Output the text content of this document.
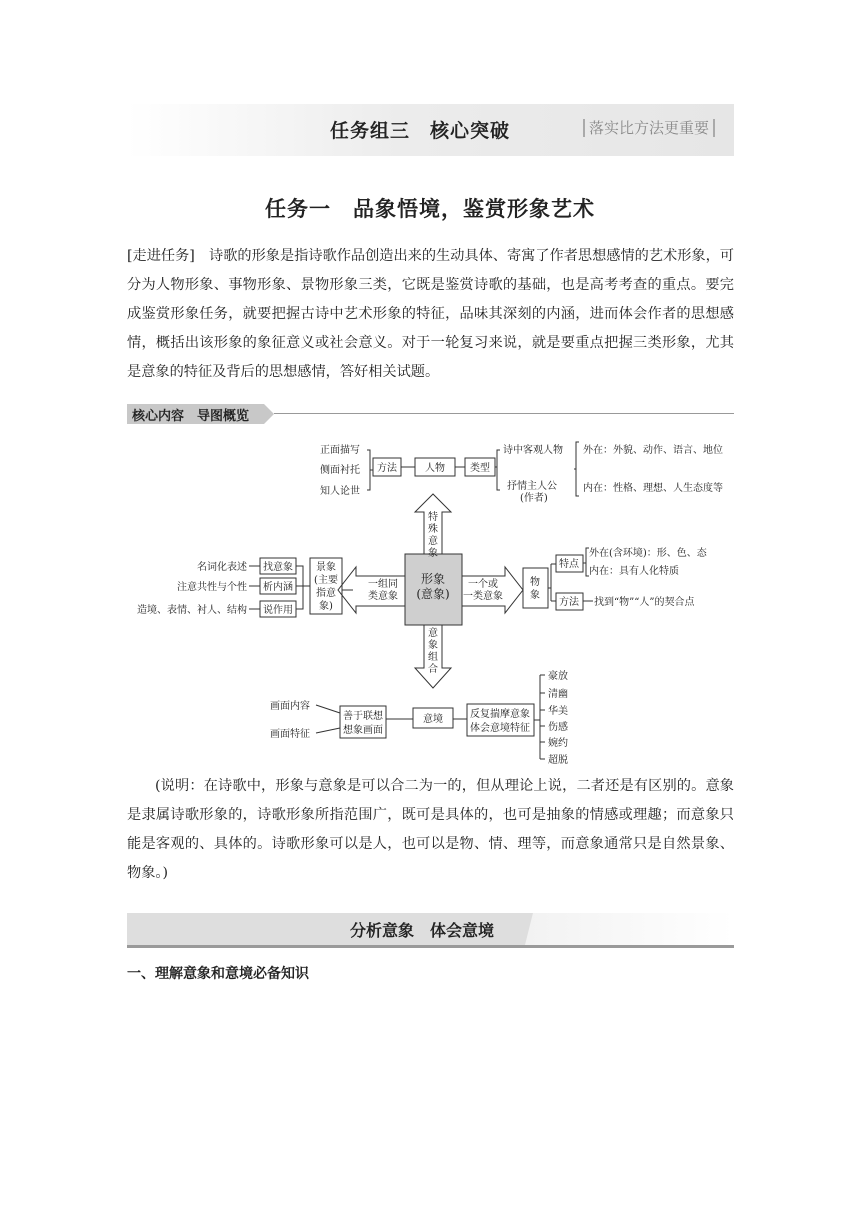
任务组三　核心突破	落实比方法更重要
任务一　品象悟境，鉴赏形象艺术
[走进任务]　 诗歌的形象是指诗歌作品创造出来的生动具体、寄寓了作者思想感情的艺术形象，可分为人物形象、事物形象、景物形象三类，它既是鉴赏诗歌的基础，也是高考考查的重点。要完成鉴赏形象任务，就要把握古诗中艺术形象的特征，品味其深刻的内涵，进而体会作者的思想感情，概括出该形象的象征意义或社会意义。对于一轮复习来说，就是要重点把握三类形象，尤其是意象的特征及背后的思想感情，答好相关试题。
核心内容　导图概览
形象
(意象)
特
殊
意
象
正面描写
侧面衬托
知人论世
方法	人物	类型
诗中客观人物
抒情主人公
(作者)
外在：外貌、动作、语言、地位
内在：性格、理想、人生态度等
一组同
类意象
景象
(主要
指意
象)
找意象
析内涵
说作用
名词化表述
注意共性与个性
造境、表情、衬人、结构
一个或
一类意象
物
象
特点
方法
外在(含环境)：形、色、态
内在：具有人化特质
找到“物”“人”的契合点
意
象
组
合
画面内容
画面特征
善于联想
想象画面
意境	反复揣摩意象
体会意境特征
豪放
清幽
华美
伤感
婉约
超脱
(说明：在诗歌中，形象与意象是可以合二为一的，但从理论上说，二者还是有区别的。意象是隶属诗歌形象的，诗歌形象所指范围广，既可是具体的，也可是抽象的情感或理趣；而意象只能是客观的、具体的。诗歌形象可以是人，也可以是物、情、理等，而意象通常只是自然景象、物象。)
分析意象　体会意境
一、理解意象和意境必备知识
